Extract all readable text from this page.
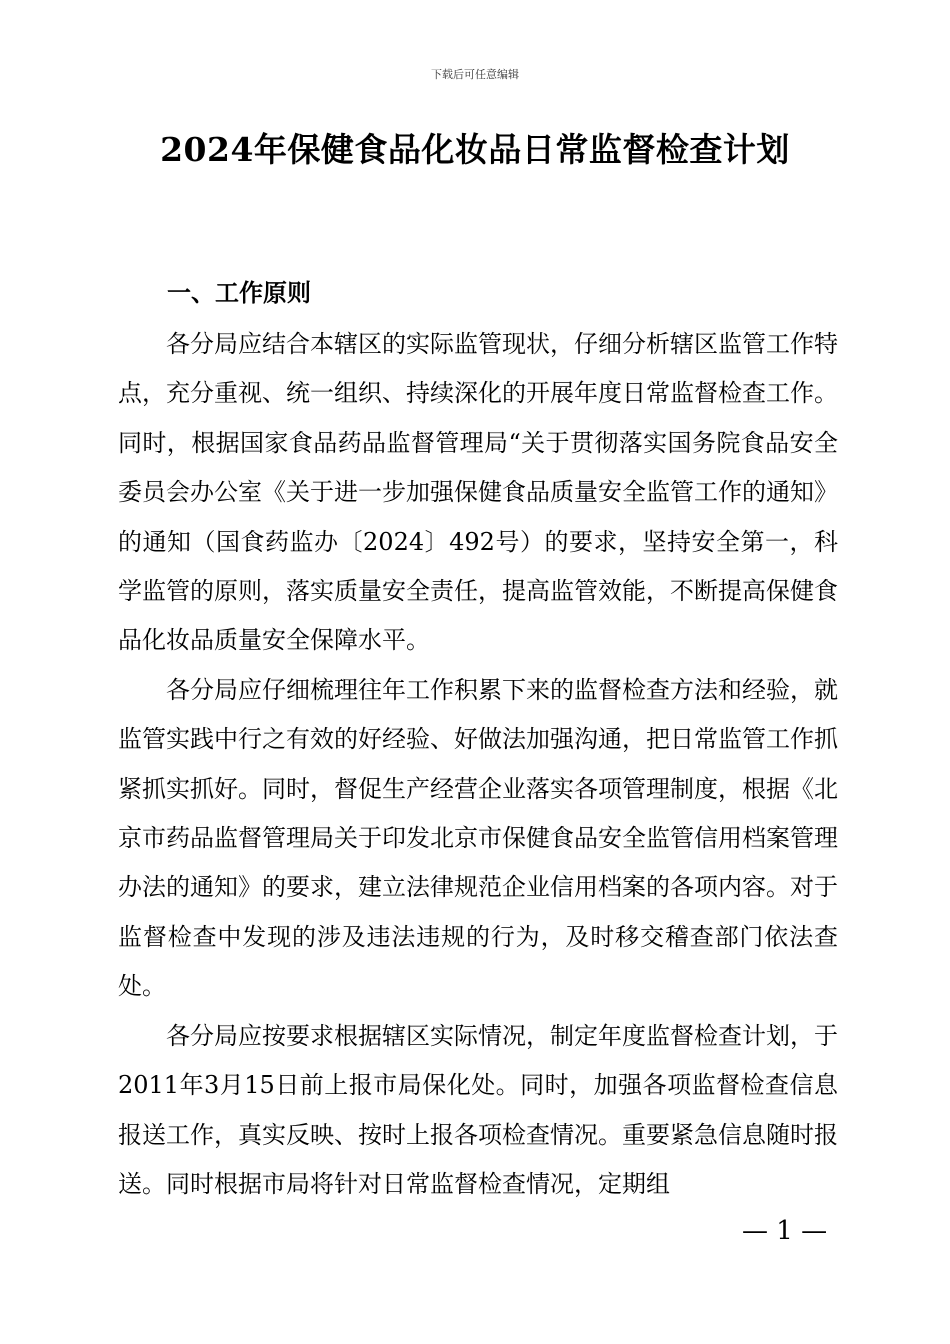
下载后可任意编辑
2024年保健食品化妆品日常监督检查计划
一、工作原则

各分局应结合本辖区的实际监管现状，仔细分析辖区监管工作特点，充分重视、统一组织、持续深化的开展年度日常监督检查工作。同时，根据国家食品药品监督管理局“关于贯彻落实国务院食品安全委员会办公室《关于进一步加强保健食品质量安全监管工作的通知》的通知（国食药监办〔2024〕492号）的要求，坚持安全第一，科学监管的原则，落实质量安全责任，提高监管效能，不断提高保健食品化妆品质量安全保障水平。

各分局应仔细梳理往年工作积累下来的监督检查方法和经验，就监管实践中行之有效的好经验、好做法加强沟通，把日常监管工作抓紧抓实抓好。同时，督促生产经营企业落实各项管理制度，根据《北京市药品监督管理局关于印发北京市保健食品安全监管信用档案管理办法的通知》的要求，建立法律规范企业信用档案的各项内容。对于监督检查中发现的涉及违法违规的行为，及时移交稽查部门依法查处。

各分局应按要求根据辖区实际情况，制定年度监督检查计划，于2011年3月15日前上报市局保化处。同时，加强各项监督检查信息报送工作，真实反映、按时上报各项检查情况。重要紧急信息随时报送。同时根据市局将针对日常监督检查情况，定期组

— 1 —
